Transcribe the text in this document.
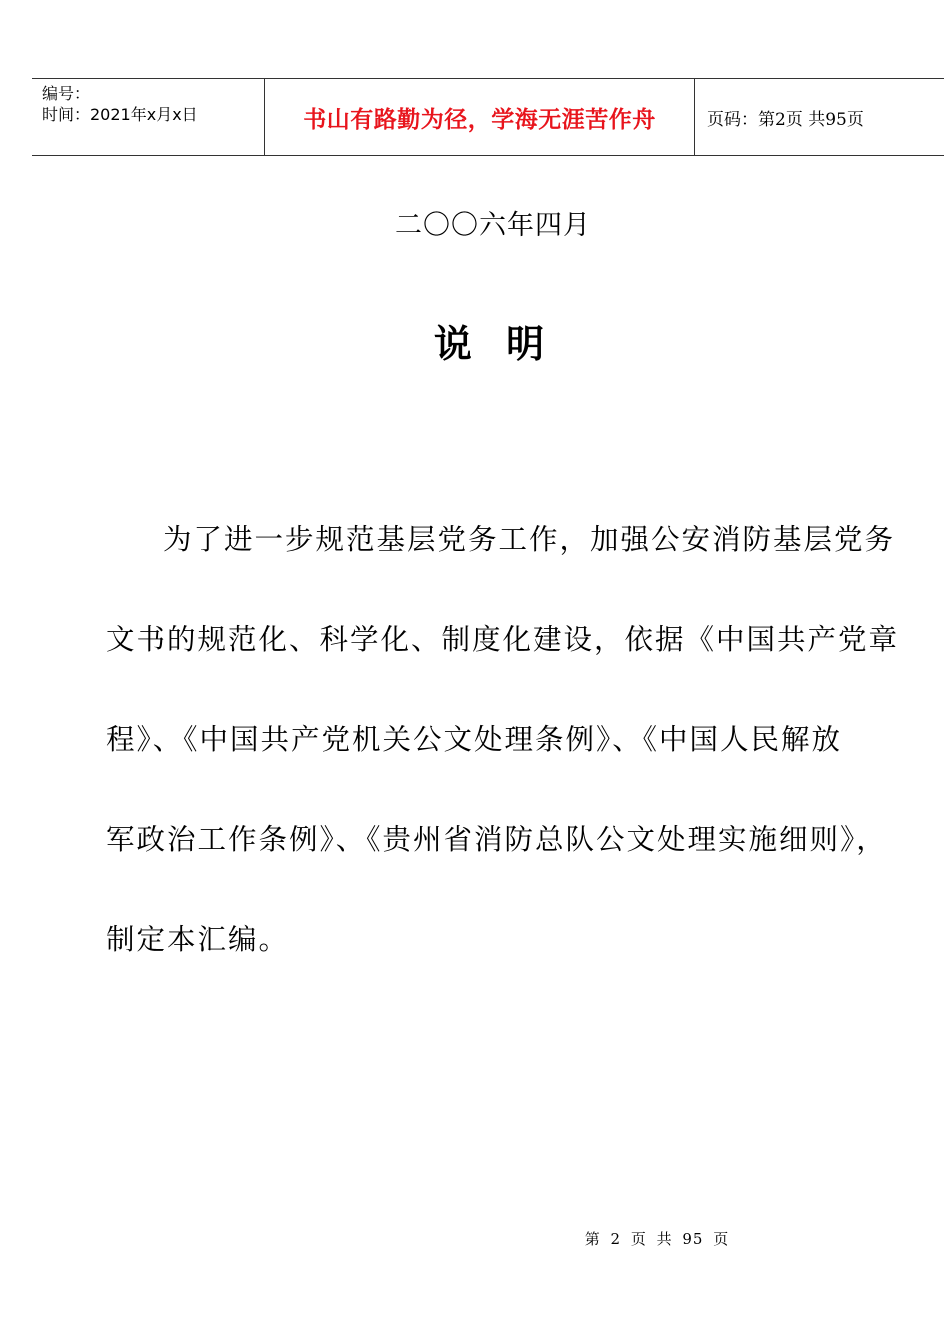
编号：
时间：2021年x月x日	书山有路勤为径，学海无涯苦作舟	页码：第2页 共95页
二〇〇六年四月
说明
为了进一步规范基层党务工作，加强公安消防基层党务
文书的规范化、科学化、制度化建设，依据《中国共产党章
程》、《中国共产党机关公文处理条例》、《中国人民解放
军政治工作条例》、《贵州省消防总队公文处理实施细则》，
制定本汇编。
第 2 页 共 95 页
